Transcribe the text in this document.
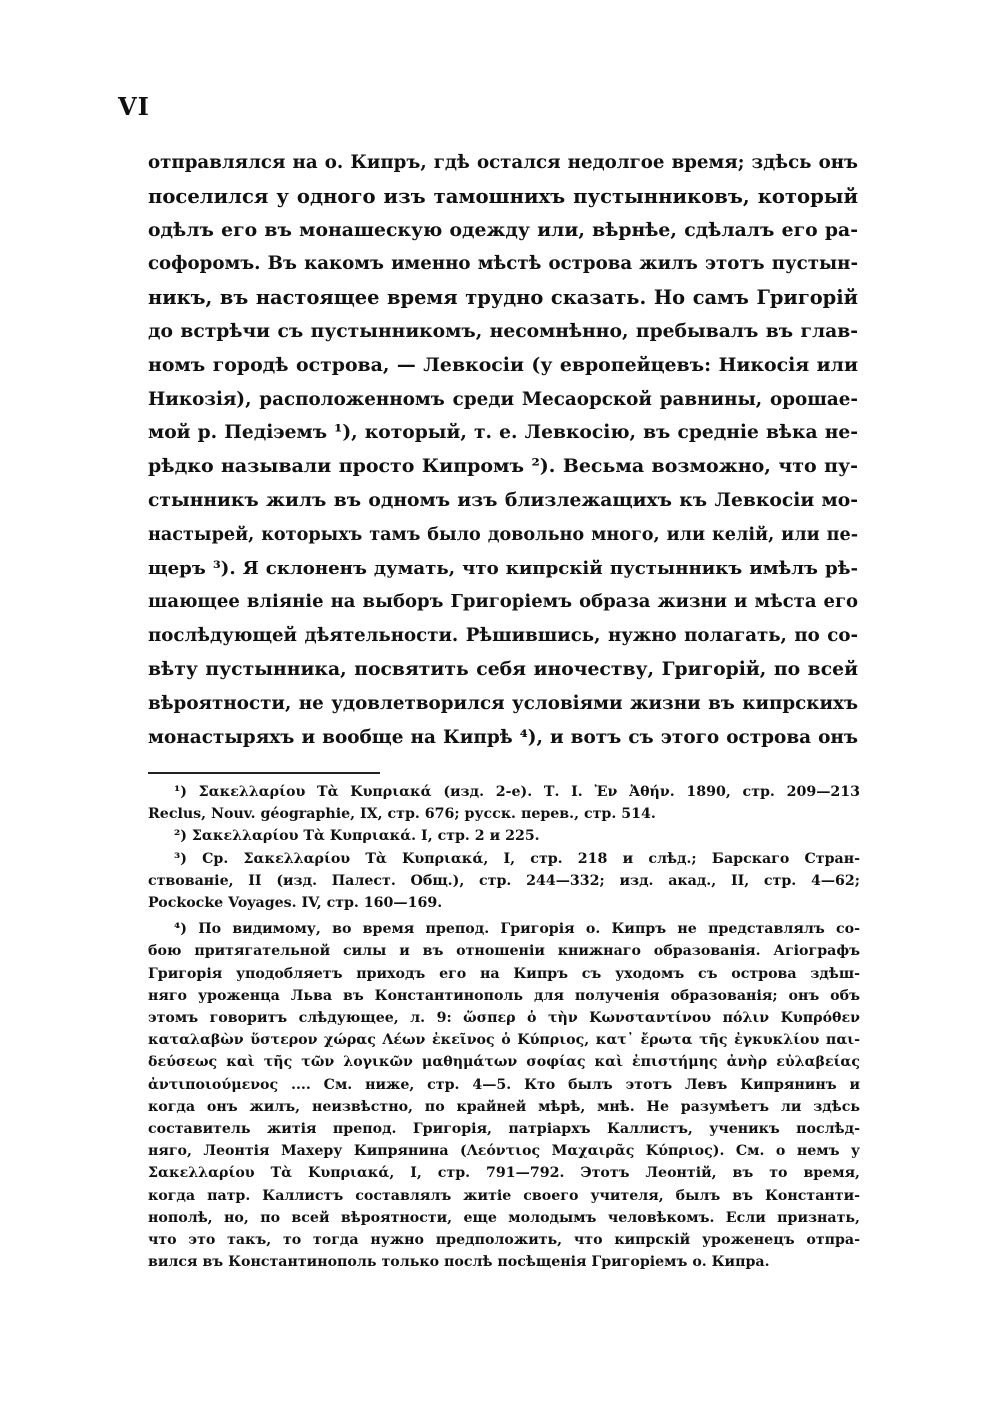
VI
отправлялся на о. Кипръ, гдѣ остался недолгое время; здѣсь онъ
поселился у одного изъ тамошнихъ пустынниковъ, который
одѣлъ его въ монашескую одежду или, вѣрнѣе, сдѣлалъ его ра-
софоромъ. Въ какомъ именно мѣстѣ острова жилъ этотъ пустын-
никъ, въ настоящее время трудно сказать. Но самъ Григорій
до встрѣчи съ пустынникомъ, несомнѣнно, пребывалъ въ глав-
номъ городѣ острова, — Левкосіи (у европейцевъ: Никосія или
Никозія), расположенномъ среди Месаорской равнины, орошае-
мой р. Педіэемъ ¹), который, т. е. Левкосію, въ средніе вѣка не-
рѣдко называли просто Кипромъ ²). Весьма возможно, что пу-
стынникъ жилъ въ одномъ изъ близлежащихъ къ Левкосіи мо-
настырей, которыхъ тамъ было довольно много, или келій, или пе-
щеръ ³). Я склоненъ думать, что кипрскій пустынникъ имѣлъ рѣ-
шающее вліяніе на выборъ Григоріемъ образа жизни и мѣста его
послѣдующей дѣятельности. Рѣшившись, нужно полагать, по со-
вѣту пустынника, посвятить себя иночеству, Григорій, по всей
вѣроятности, не удовлетворился условіями жизни въ кипрскихъ
монастыряхъ и вообще на Кипрѣ ⁴), и вотъ съ этого острова онъ
¹) Σακελλαρίου Τὰ Κυπριακά (изд. 2-е). Т. I. Ἐν Ἀθήν. 1890, стр. 209—213
Reclus, Nouv. géographie, IX, стр. 676; русск. перев., стр. 514.
²) Σακελλαρίου Τὰ Κυπριακά. I, стр. 2 и 225.
³) Ср. Σακελλαρίου Τὰ Κυπριακά, I, стр. 218 и слѣд.; Барскаго Стран-
ствованіе, II (изд. Палест. Общ.), стр. 244—332; изд. акад., II, стр. 4—62;
Pockocke Voyages. IV, стр. 160—169.
⁴) По видимому, во время препод. Григорія о. Кипръ не представлялъ со-
бою притягательной силы и въ отношеніи книжнаго образованія. Агіографъ
Григорія уподобляетъ приходъ его на Кипръ съ уходомъ съ острова здѣш-
няго уроженца Льва въ Константинополь для полученія образованія; онъ объ
этомъ говоритъ слѣдующее, л. 9: ὥσπερ ὁ τὴν Κωνσταντίνου πόλιν Κυπρόθεν
καταλαβὼν ὕστερον χώρας Λέων ἐκεῖνος ὁ Κύπριος, κατ᾽ ἔρωτα τῆς ἐγκυκλίου παι-
δεύσεως καὶ τῆς τῶν λογικῶν μαθημάτων σοφίας καὶ ἐπιστήμης ἀνὴρ εὐλαβείας
ἀντιποιούμενος .... См. ниже, стр. 4—5. Кто былъ этотъ Левъ Кипрянинъ и
когда онъ жилъ, неизвѣстно, по крайней мѣрѣ, мнѣ. Не разумѣетъ ли здѣсь
составитель житія препод. Григорія, патріархъ Каллистъ, ученикъ послѣд-
няго, Леонтія Махеру Кипрянина (Λεόντιος Μαχαιρᾶς Κύπριος). См. о немъ у
Σακελλαρίου Τὰ Κυπριακά, I, стр. 791—792. Этотъ Леонтій, въ то время,
когда патр. Каллистъ составлялъ житіе своего учителя, былъ въ Константи-
нополѣ, но, по всей вѣроятности, еще молодымъ человѣкомъ. Если признать,
что это такъ, то тогда нужно предположить, что кипрскій уроженецъ отпра-
вился въ Константинополь только послѣ посѣщенія Григоріемъ о. Кипра.
